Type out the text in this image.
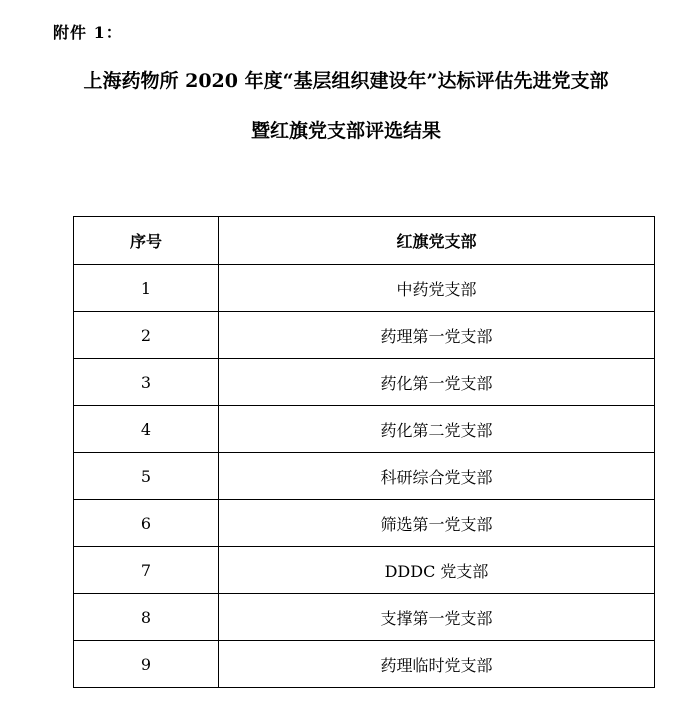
附件 1：
上海药物所 2020 年度“基层组织建设年”达标评估先进党支部
暨红旗党支部评选结果
序号	红旗党支部
1	中药党支部
2	药理第一党支部
3	药化第一党支部
4	药化第二党支部
5	科研综合党支部
6	筛选第一党支部
7	DDDC 党支部
8	支撑第一党支部
9	药理临时党支部
